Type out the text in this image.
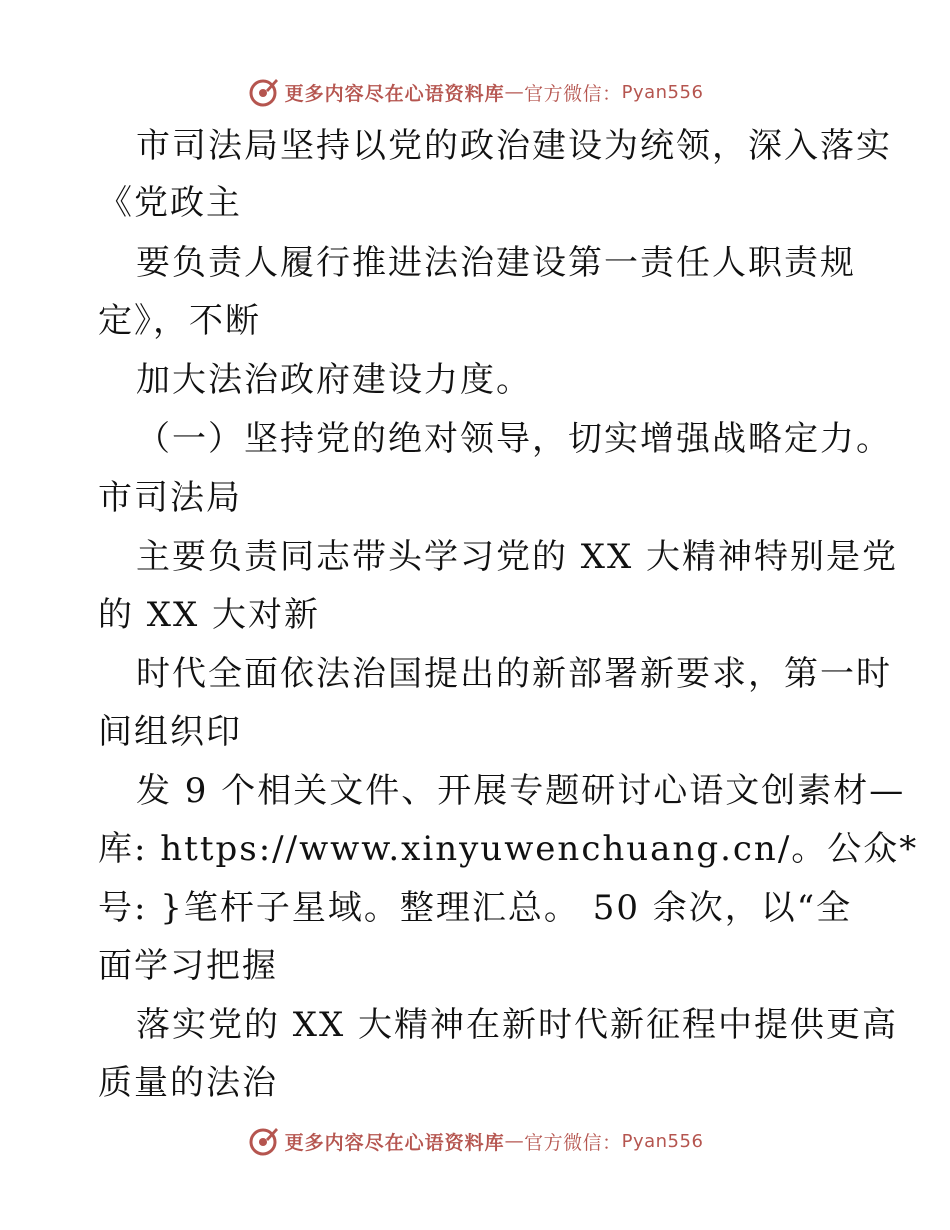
更多内容尽在心语资料库 — 官方微信： Pyan556
市司法局坚持以党的政治建设为统领，深入落实
《党政主
要负责人履行推进法治建设第一责任人职责规
定》，不断
加大法治政府建设力度。
（一）坚持党的绝对领导，切实增强战略定力。
市司法局
主要负责同志带头学习党的 XX 大精神特别是党
的 XX 大对新
时代全面依法治国提出的新部署新要求，第一时
间组织印
发 9 个相关文件、开展专题研讨心语文创素材—
库: https://www.xinyuwenchuang.cn/。公众*
号: }笔杆子星域。整理汇总。 50 余次，以“全
面学习把握
落实党的 XX 大精神在新时代新征程中提供更高
质量的法治
更多内容尽在心语资料库 — 官方微信： Pyan556
